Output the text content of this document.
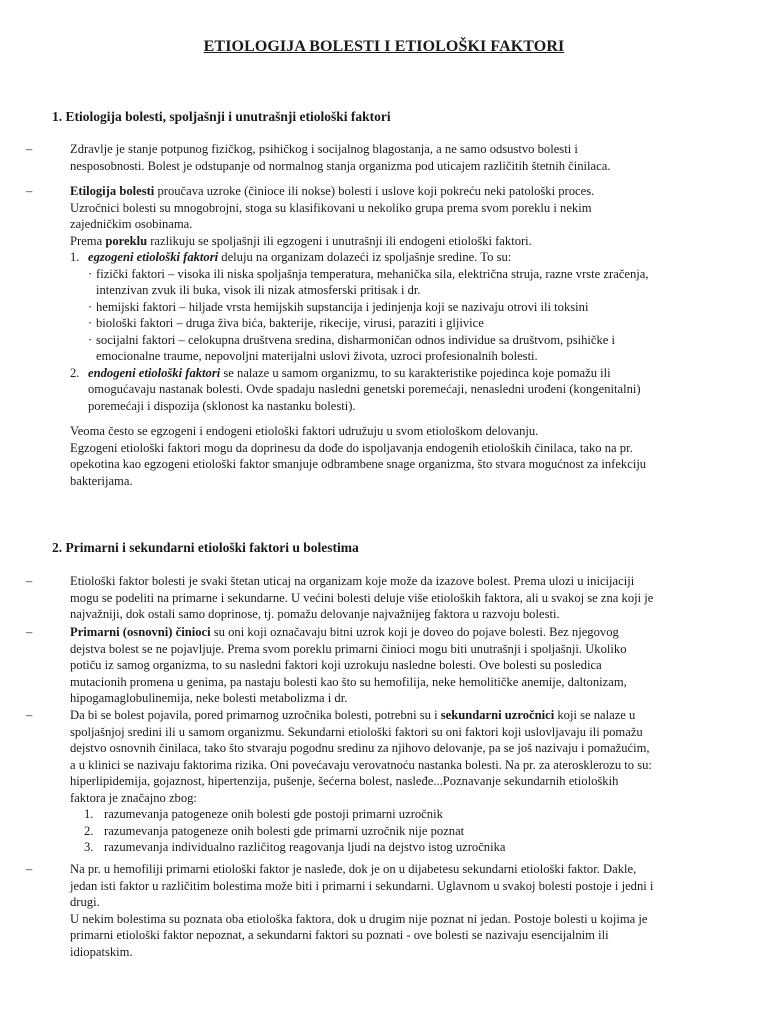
ETIOLOGIJA BOLESTI I ETIOLOŠKI FAKTORI
1. Etiologija bolesti, spoljašnji i unutrašnji etiološki faktori
–	Zdravlje je stanje potpunog fizičkog, psihičkog i socijalnog blagostanja, a ne samo odsustvo bolesti i
nesposobnosti. Bolest je odstupanje od normalnog stanja organizma pod uticajem različitih štetnih činilaca.
–	Etilogija bolesti proučava uzroke (činioce ili nokse) bolesti i uslove koji pokreću neki patološki proces.
Uzročnici bolesti su mnogobrojni, stoga su klasifikovani u nekoliko grupa prema svom poreklu i nekim
zajedničkim osobinama.
Prema poreklu razlikuju se spoljašnji ili egzogeni i unutrašnji ili endogeni etiološki faktori.
1. egzogeni etiološki faktori deluju na organizam dolazeći iz spoljašnje sredine. To su:
· fizički faktori – visoka ili niska spoljašnja temperatura, mehanička sila, električna struja, razne vrste zračenja,
intenzivan zvuk ili buka, visok ili nizak atmosferski pritisak i dr.
· hemijski faktori – hiljade vrsta hemijskih supstancija i jedinjenja koji se nazivaju otrovi ili toksini
· biološki faktori – druga živa bića, bakterije, rikecije, virusi, paraziti i gljivice
· socijalni faktori – celokupna društvena sredina, disharmoničan odnos individue sa društvom, psihičke i
emocionalne traume, nepovoljni materijalni uslovi života, uzroci profesionalnih bolesti.
2. endogeni etiološki faktori se nalaze u samom organizmu, to su karakteristike pojedinca koje pomažu ili
omogućavaju nastanak bolesti. Ovde spadaju nasledni genetski poremećaji, nenasledni urođeni (kongenitalni)
poremećaji i dispozija (sklonost ka nastanku bolesti).
Veoma često se egzogeni i endogeni etiološki faktori udružuju u svom etiološkom delovanju.
Egzogeni etiološki faktori mogu da doprinesu da dođe do ispoljavanja endogenih etioloških činilaca, tako na pr.
opekotina kao egzogeni etiološki faktor smanjuje odbrambene snage organizma, što stvara mogućnost za infekciju
bakterijama.
2. Primarni i sekundarni etiološki faktori u bolestima
–	Etiološki faktor bolesti je svaki štetan uticaj na organizam koje može da izazove bolest. Prema ulozi u inicijaciji
mogu se podeliti na primarne i sekundarne. U većini bolesti deluje više etioloških faktora, ali u svakoj se zna koji je
najvažniji, dok ostali samo doprinose, tj. pomažu delovanje najvažnijeg faktora u razvoju bolesti.
–	Primarni (osnovni) činioci su oni koji označavaju bitni uzrok koji je doveo do pojave bolesti. Bez njegovog
dejstva bolest se ne pojavljuje. Prema svom poreklu primarni činioci mogu biti unutrašnji i spoljašnji. Ukoliko
potiču iz samog organizma, to su nasledni faktori koji uzrokuju nasledne bolesti. Ove bolesti su posledica
mutacionih promena u genima, pa nastaju bolesti kao što su hemofilija, neke hemolitičke anemije, daltonizam,
hipogamaglobulinemija, neke bolesti metabolizma i dr.
–	Da bi se bolest pojavila, pored primarnog uzročnika bolesti, potrebni su i sekundarni uzročnici koji se nalaze u
spoljašnjoj sredini ili u samom organizmu. Sekundarni etiološki faktori su oni faktori koji uslovljavaju ili pomažu
dejstvo osnovnih činilaca, tako što stvaraju pogodnu sredinu za njihovo delovanje, pa se još nazivaju i pomažućim,
a u klinici se nazivaju faktorima rizika. Oni povećavaju verovatnoću nastanka bolesti. Na pr. za aterosklerozu to su:
hiperlipidemija, gojaznost, hipertenzija, pušenje, šećerna bolest, nasleđe...Poznavanje sekundarnih etioloških
faktora je značajno zbog:
1. razumevanja patogeneze onih bolesti gde postoji primarni uzročnik
2. razumevanja patogeneze onih bolesti gde primarni uzročnik nije poznat
3. razumevanja individualno različitog reagovanja ljudi na dejstvo istog uzročnika
–	Na pr. u hemofiliji primarni etiološki faktor je nasleđe, dok je on u dijabetesu sekundarni etiološki faktor. Dakle,
jedan isti faktor u različitim bolestima može biti i primarni i sekundarni. Uglavnom u svakoj bolesti postoje i jedni i
drugi.
U nekim bolestima su poznata oba etiološka faktora, dok u drugim nije poznat ni jedan. Postoje bolesti u kojima je
primarni etiološki faktor nepoznat, a sekundarni faktori su poznati - ove bolesti se nazivaju esencijalnim ili
idiopatskim.
